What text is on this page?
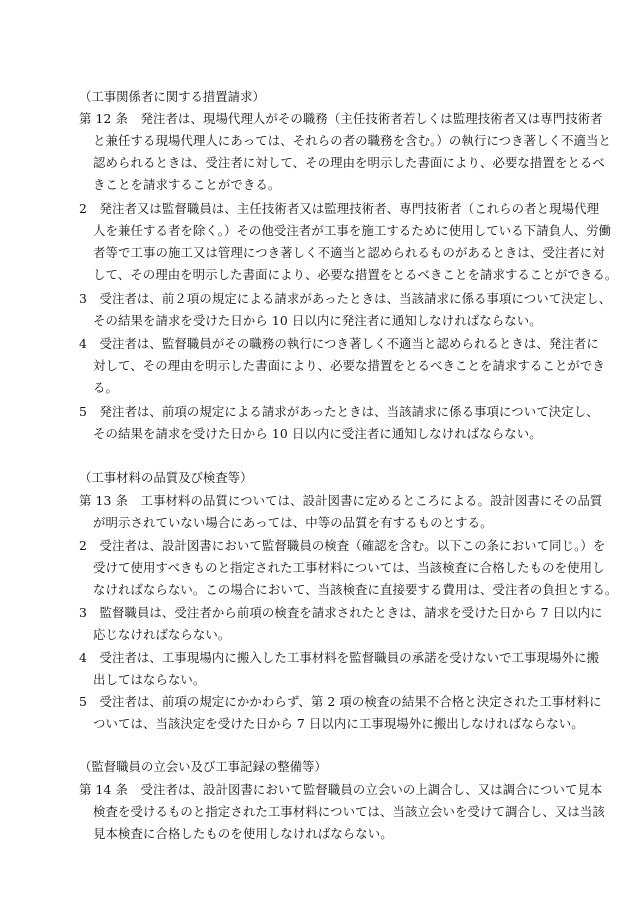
（工事関係者に関する措置請求）
第 12 条　発注者は、現場代理人がその職務（主任技術者若しくは監理技術者又は専門技術者
と兼任する現場代理人にあっては、それらの者の職務を含む。）の執行につき著しく不適当と
認められるときは、受注者に対して、その理由を明示した書面により、必要な措置をとるべ
きことを請求することができる。
2　発注者又は監督職員は、主任技術者又は監理技術者、専門技術者（これらの者と現場代理
人を兼任する者を除く。）その他受注者が工事を施工するために使用している下請負人、労働
者等で工事の施工又は管理につき著しく不適当と認められるものがあるときは、受注者に対
して、その理由を明示した書面により、必要な措置をとるべきことを請求することができる。
3　受注者は、前２項の規定による請求があったときは、当該請求に係る事項について決定し、
その結果を請求を受けた日から 10 日以内に発注者に通知しなければならない。
4　受注者は、監督職員がその職務の執行につき著しく不適当と認められるときは、発注者に
対して、その理由を明示した書面により、必要な措置をとるべきことを請求することができ
る。
5　発注者は、前項の規定による請求があったときは、当該請求に係る事項について決定し、
その結果を請求を受けた日から 10 日以内に受注者に通知しなければならない。
（工事材料の品質及び検査等）
第 13 条　工事材料の品質については、設計図書に定めるところによる。設計図書にその品質
が明示されていない場合にあっては、中等の品質を有するものとする。
2　受注者は、設計図書において監督職員の検査（確認を含む。以下この条において同じ。）を
受けて使用すべきものと指定された工事材料については、当該検査に合格したものを使用し
なければならない。この場合において、当該検査に直接要する費用は、受注者の負担とする。
3　監督職員は、受注者から前項の検査を請求されたときは、請求を受けた日から 7 日以内に
応じなければならない。
4　受注者は、工事現場内に搬入した工事材料を監督職員の承諾を受けないで工事現場外に搬
出してはならない。
5　受注者は、前項の規定にかかわらず、第 2 項の検査の結果不合格と決定された工事材料に
ついては、当該決定を受けた日から 7 日以内に工事現場外に搬出しなければならない。
（監督職員の立会い及び工事記録の整備等）
第 14 条　受注者は、設計図書において監督職員の立会いの上調合し、又は調合について見本
検査を受けるものと指定された工事材料については、当該立会いを受けて調合し、又は当該
見本検査に合格したものを使用しなければならない。
